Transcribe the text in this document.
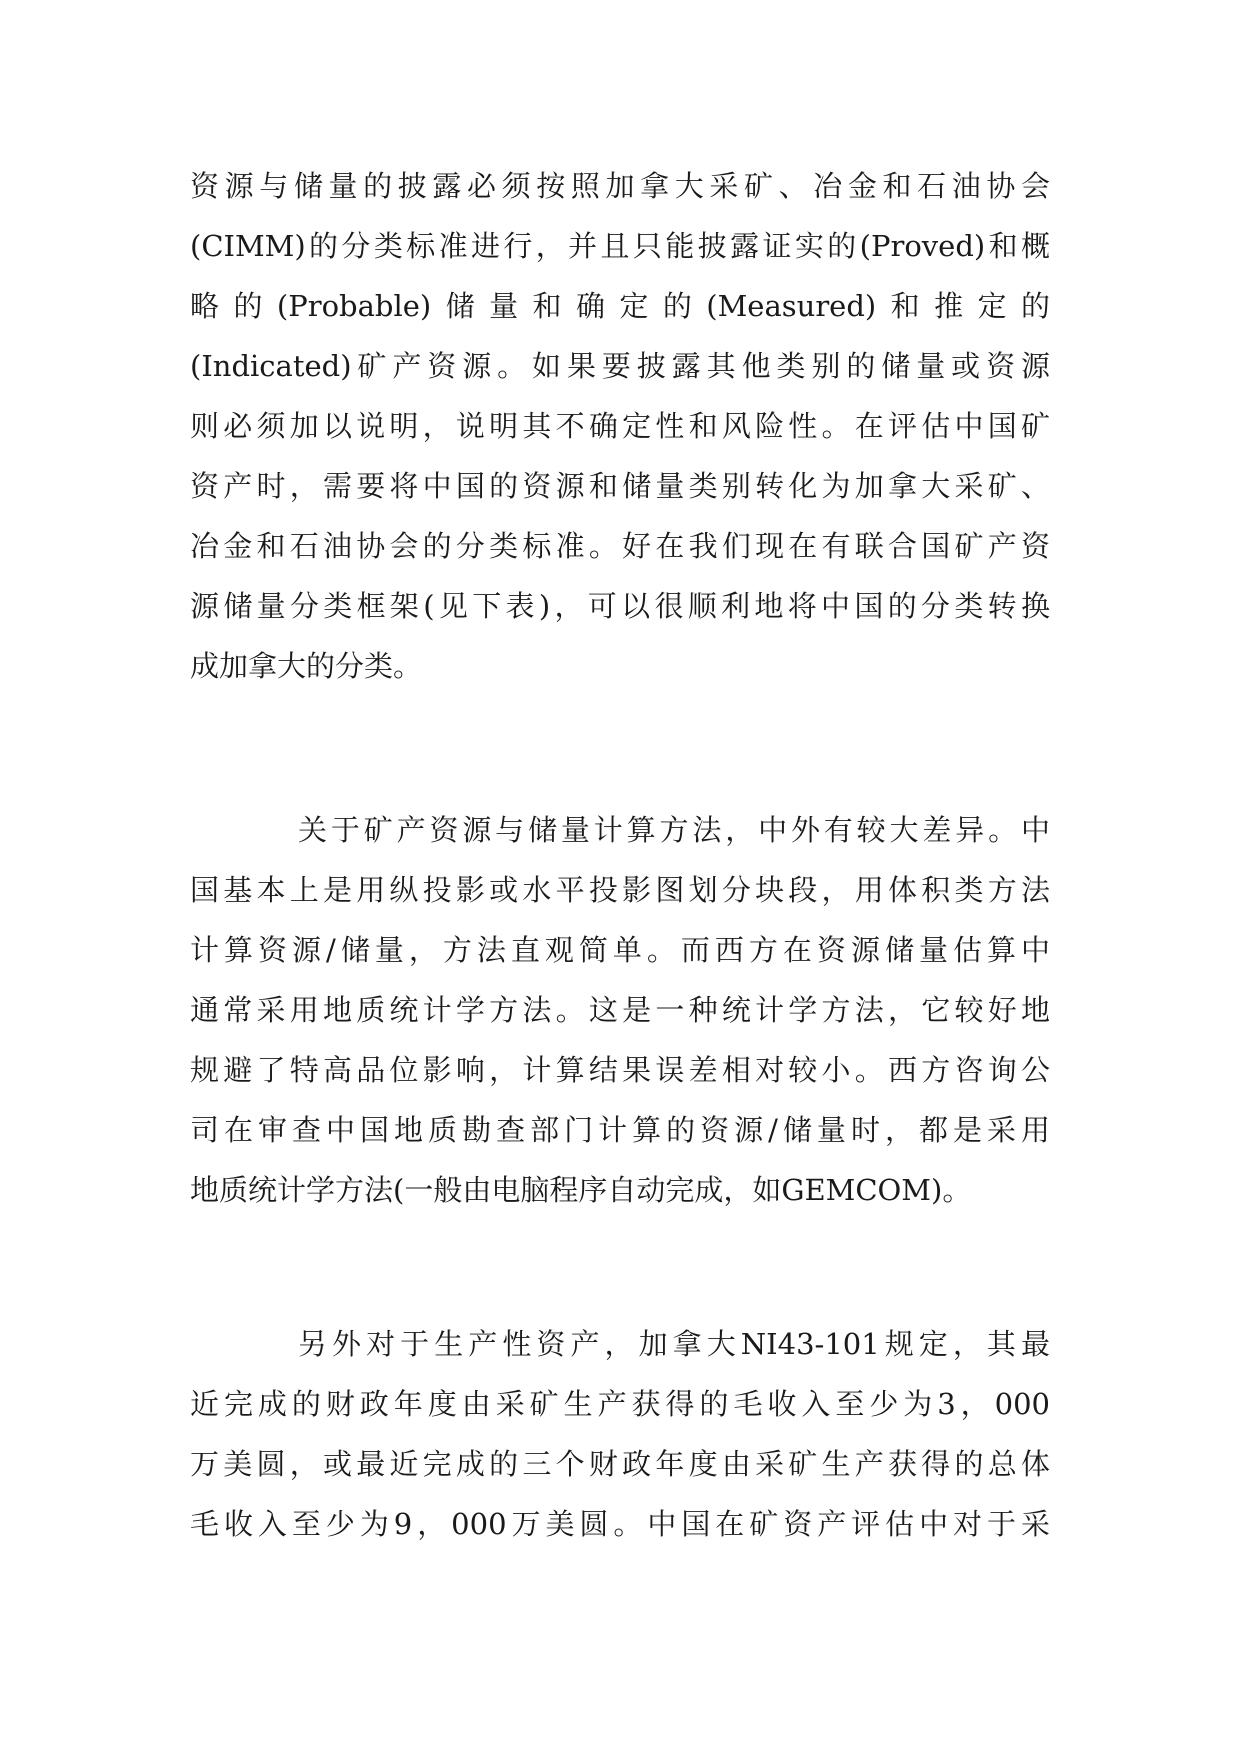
资源与储量的披露必须按照加拿大采矿、冶金和石油协会
(CIMM)的分类标准进行，并且只能披露证实的(Proved)和概
略的(Probable)储量和确定的(Measured)和推定的
(Indicated)矿产资源。如果要披露其他类别的储量或资源
则必须加以说明，说明其不确定性和风险性。在评估中国矿
资产时，需要将中国的资源和储量类别转化为加拿大采矿、
冶金和石油协会的分类标准。好在我们现在有联合国矿产资
源储量分类框架(见下表)，可以很顺利地将中国的分类转换
成加拿大的分类。
关于矿产资源与储量计算方法，中外有较大差异。中
国基本上是用纵投影或水平投影图划分块段，用体积类方法
计算资源/储量，方法直观简单。而西方在资源储量估算中
通常采用地质统计学方法。这是一种统计学方法，它较好地
规避了特高品位影响，计算结果误差相对较小。西方咨询公
司在审查中国地质勘查部门计算的资源/储量时，都是采用
地质统计学方法(一般由电脑程序自动完成，如GEMCOM)。
另外对于生产性资产，加拿大NI43-101规定，其最
近完成的财政年度由采矿生产获得的毛收入至少为3，000
万美圆，或最近完成的三个财政年度由采矿生产获得的总体
毛收入至少为9，000万美圆。中国在矿资产评估中对于采
